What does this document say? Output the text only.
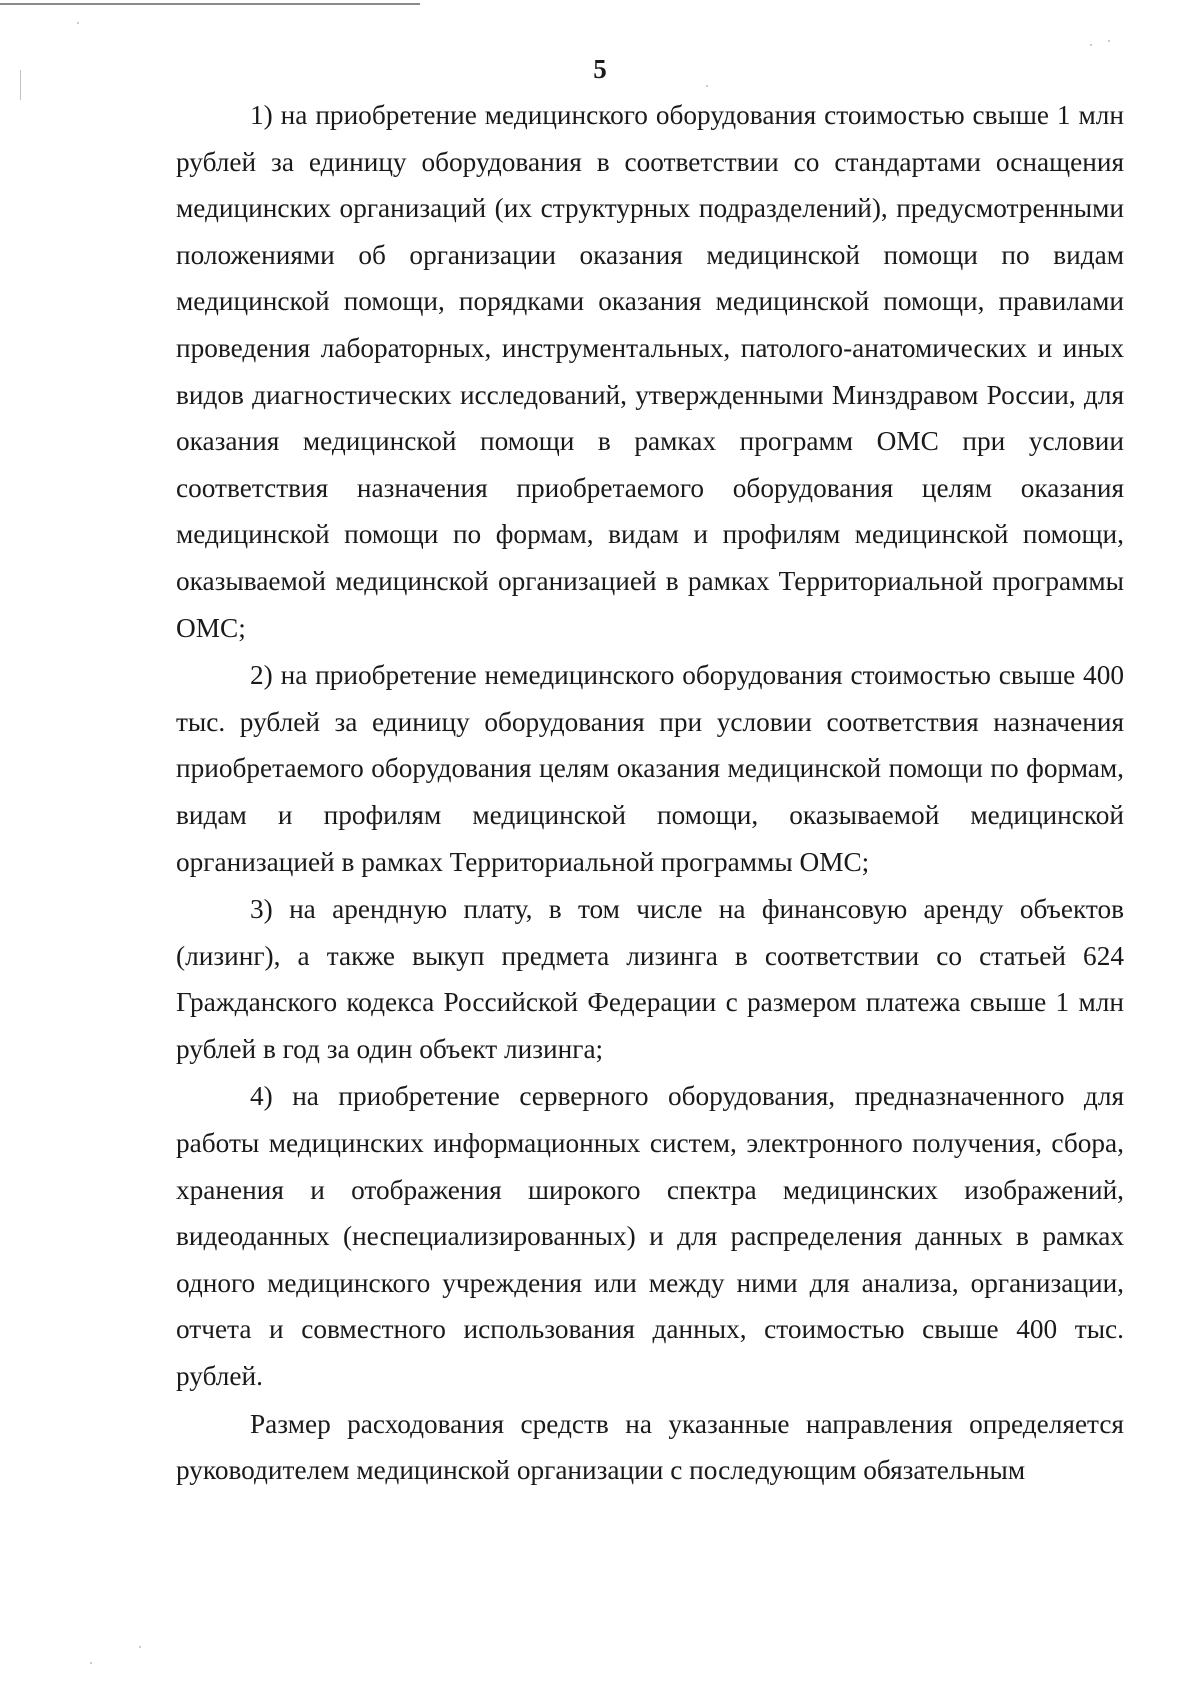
5

1) на приобретение медицинского оборудования стоимостью свыше 1 млн рублей за единицу оборудования в соответствии со стандартами оснащения медицинских организаций (их структурных подразделений), предусмотренными положениями об организации оказания медицинской помощи по видам медицинской помощи, порядками оказания медицинской помощи, правилами проведения лабораторных, инструментальных, патолого-анатомических и иных видов диагностических исследований, утвержденными Минздравом России, для оказания медицинской помощи в рамках программ ОМС при условии соответствия назначения приобретаемого оборудования целям оказания медицинской помощи по формам, видам и профилям медицинской помощи, оказываемой медицинской организацией в рамках Территориальной программы ОМС;

2) на приобретение немедицинского оборудования стоимостью свыше 400 тыс. рублей за единицу оборудования при условии соответствия назначения приобретаемого оборудования целям оказания медицинской помощи по формам, видам и профилям медицинской помощи, оказываемой медицинской организацией в рамках Территориальной программы ОМС;

3) на арендную плату, в том числе на финансовую аренду объектов (лизинг), а также выкуп предмета лизинга в соответствии со статьей 624 Гражданского кодекса Российской Федерации с размером платежа свыше 1 млн рублей в год за один объект лизинга;

4) на приобретение серверного оборудования, предназначенного для работы медицинских информационных систем, электронного получения, сбора, хранения и отображения широкого спектра медицинских изображений, видеоданных (неспециализированных) и для распределения данных в рамках одного медицинского учреждения или между ними для анализа, организации, отчета и совместного использования данных, стоимостью свыше 400 тыс. рублей.

Размер расходования средств на указанные направления определяется руководителем медицинской организации с последующим обязательным
